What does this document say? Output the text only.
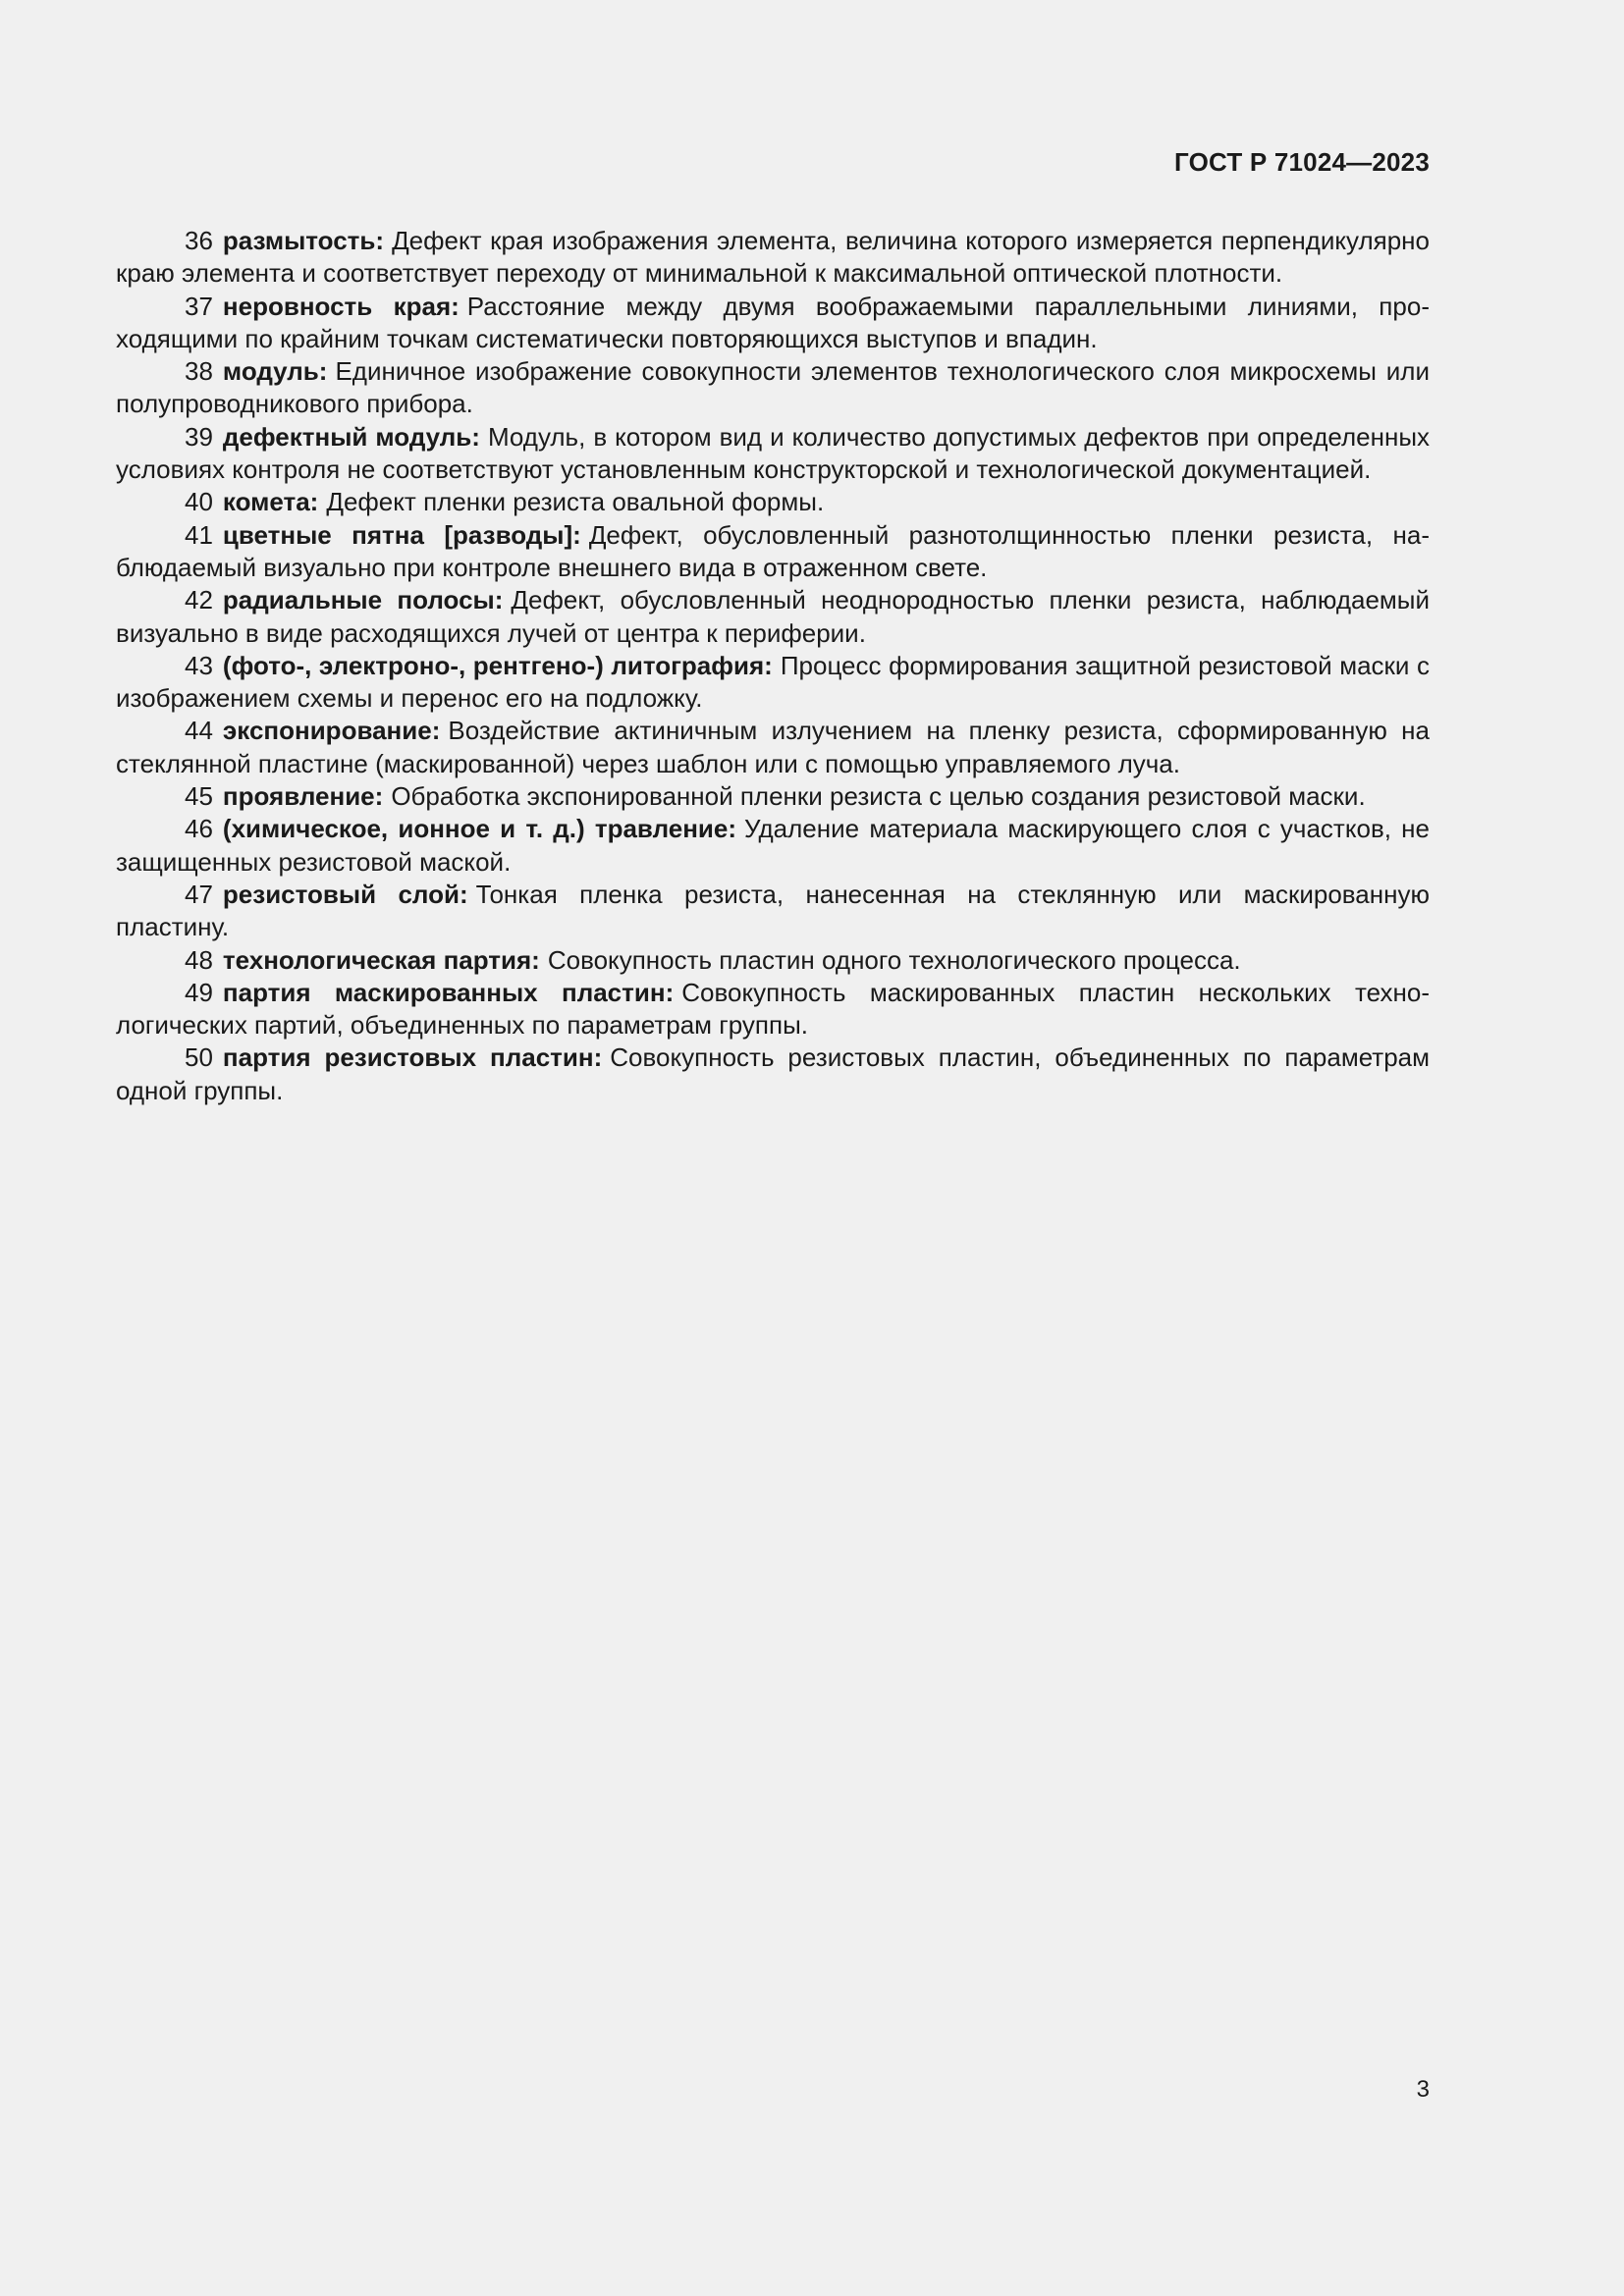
ГОСТ Р 71024—2023

36 размытость: Дефект края изображения элемента, величина которого измеряется перпендикулярно краю элемента и соответствует переходу от минимальной к максимальной оптической плотности.

37 неровность края: Расстояние между двумя воображаемыми параллельными линиями, проходящими по крайним точкам систематически повторяющихся выступов и впадин.

38 модуль: Единичное изображение совокупности элементов технологического слоя микросхемы или полупроводникового прибора.

39 дефектный модуль: Модуль, в котором вид и количество допустимых дефектов при определенных условиях контроля не соответствуют установленным конструкторской и технологической документацией.

40 комета: Дефект пленки резиста овальной формы.

41 цветные пятна [разводы]: Дефект, обусловленный разнотолщинностью пленки резиста, наблюдаемый визуально при контроле внешнего вида в отраженном свете.

42 радиальные полосы: Дефект, обусловленный неоднородностью пленки резиста, наблюдаемый визуально в виде расходящихся лучей от центра к периферии.

43 (фото-, электроно-, рентгено-) литография: Процесс формирования защитной резистовой маски с изображением схемы и перенос его на подложку.

44 экспонирование: Воздействие актиничным излучением на пленку резиста, сформированную на стеклянной пластине (маскированной) через шаблон или с помощью управляемого луча.

45 проявление: Обработка экспонированной пленки резиста с целью создания резистовой маски.

46 (химическое, ионное и т. д.) травление: Удаление материала маскирующего слоя с участков, не защищенных резистовой маской.

47 резистовый слой: Тонкая пленка резиста, нанесенная на стеклянную или маскированную пластину.

48 технологическая партия: Совокупность пластин одного технологического процесса.

49 партия маскированных пластин: Совокупность маскированных пластин нескольких технологических партий, объединенных по параметрам группы.

50 партия резистовых пластин: Совокупность резистовых пластин, объединенных по параметрам одной группы.

3
